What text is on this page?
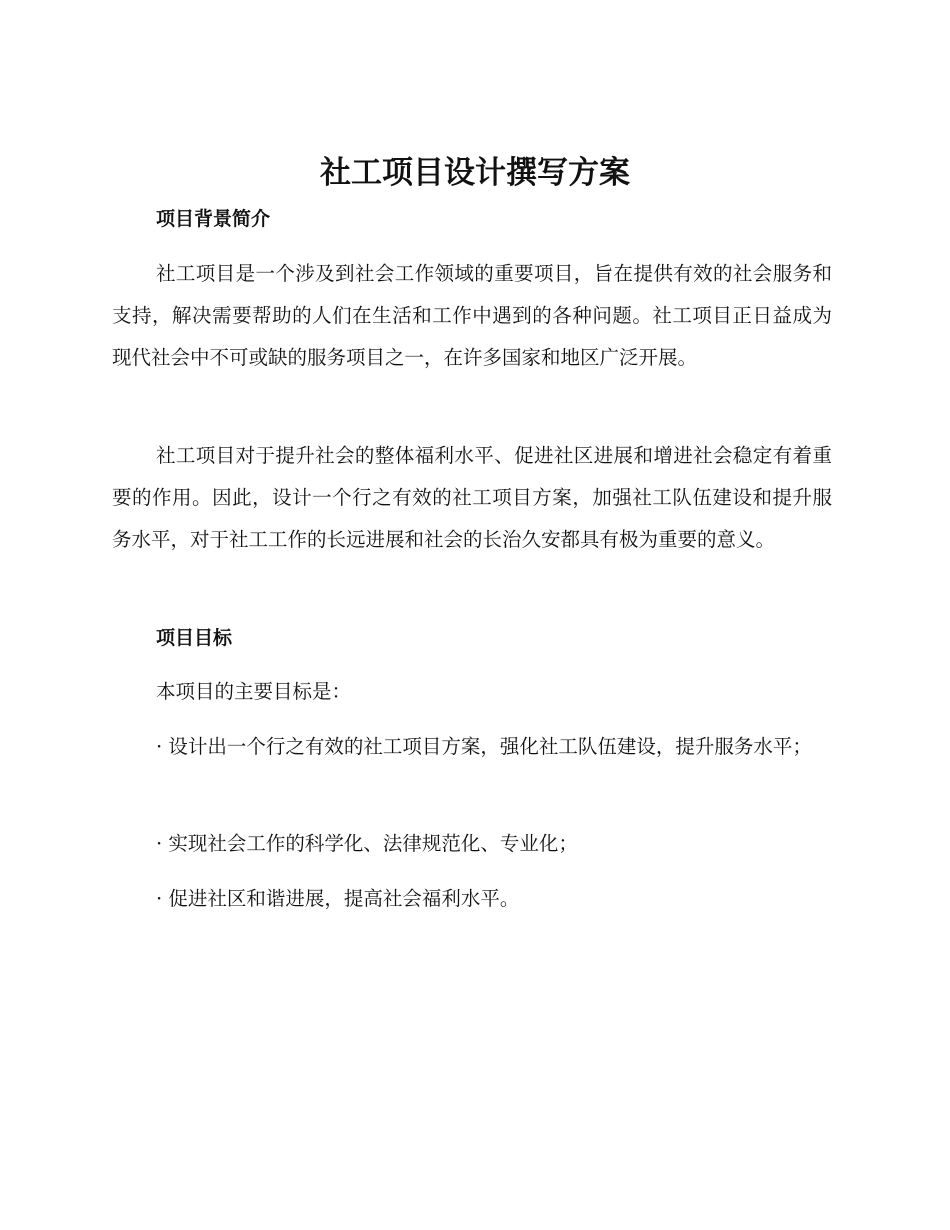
社工项目设计撰写方案
项目背景简介

社工项目是一个涉及到社会工作领域的重要项目，旨在提供有效的社会服务和支持，解决需要帮助的人们在生活和工作中遇到的各种问题。社工项目正日益成为现代社会中不可或缺的服务项目之一，在许多国家和地区广泛开展。

社工项目对于提升社会的整体福利水平、促进社区进展和增进社会稳定有着重要的作用。因此，设计一个行之有效的社工项目方案，加强社工队伍建设和提升服务水平，对于社工工作的长远进展和社会的长治久安都具有极为重要的意义。

项目目标

本项目的主要目标是：

· 设计出一个行之有效的社工项目方案，强化社工队伍建设，提升服务水平；

· 实现社会工作的科学化、法律规范化、专业化；

· 促进社区和谐进展，提高社会福利水平。
